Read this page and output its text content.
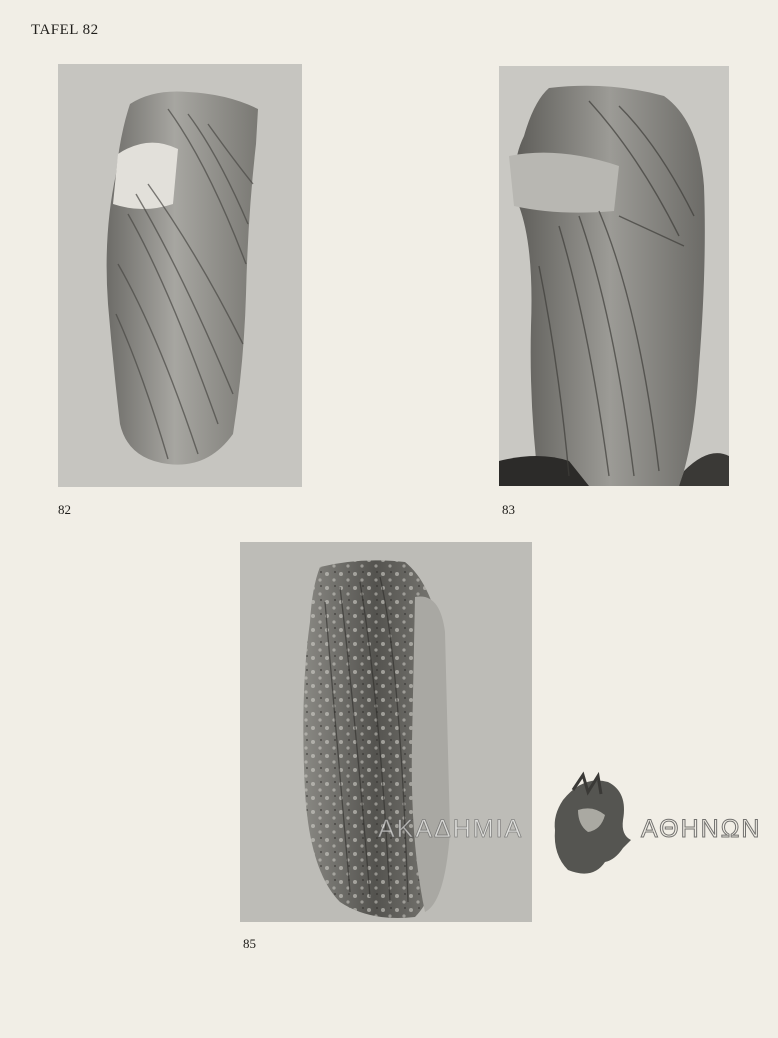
TAFEL 82
82	83
85
ΑΚΑΔΗΜΙΑ	ΑΘΗΝΩΝ
